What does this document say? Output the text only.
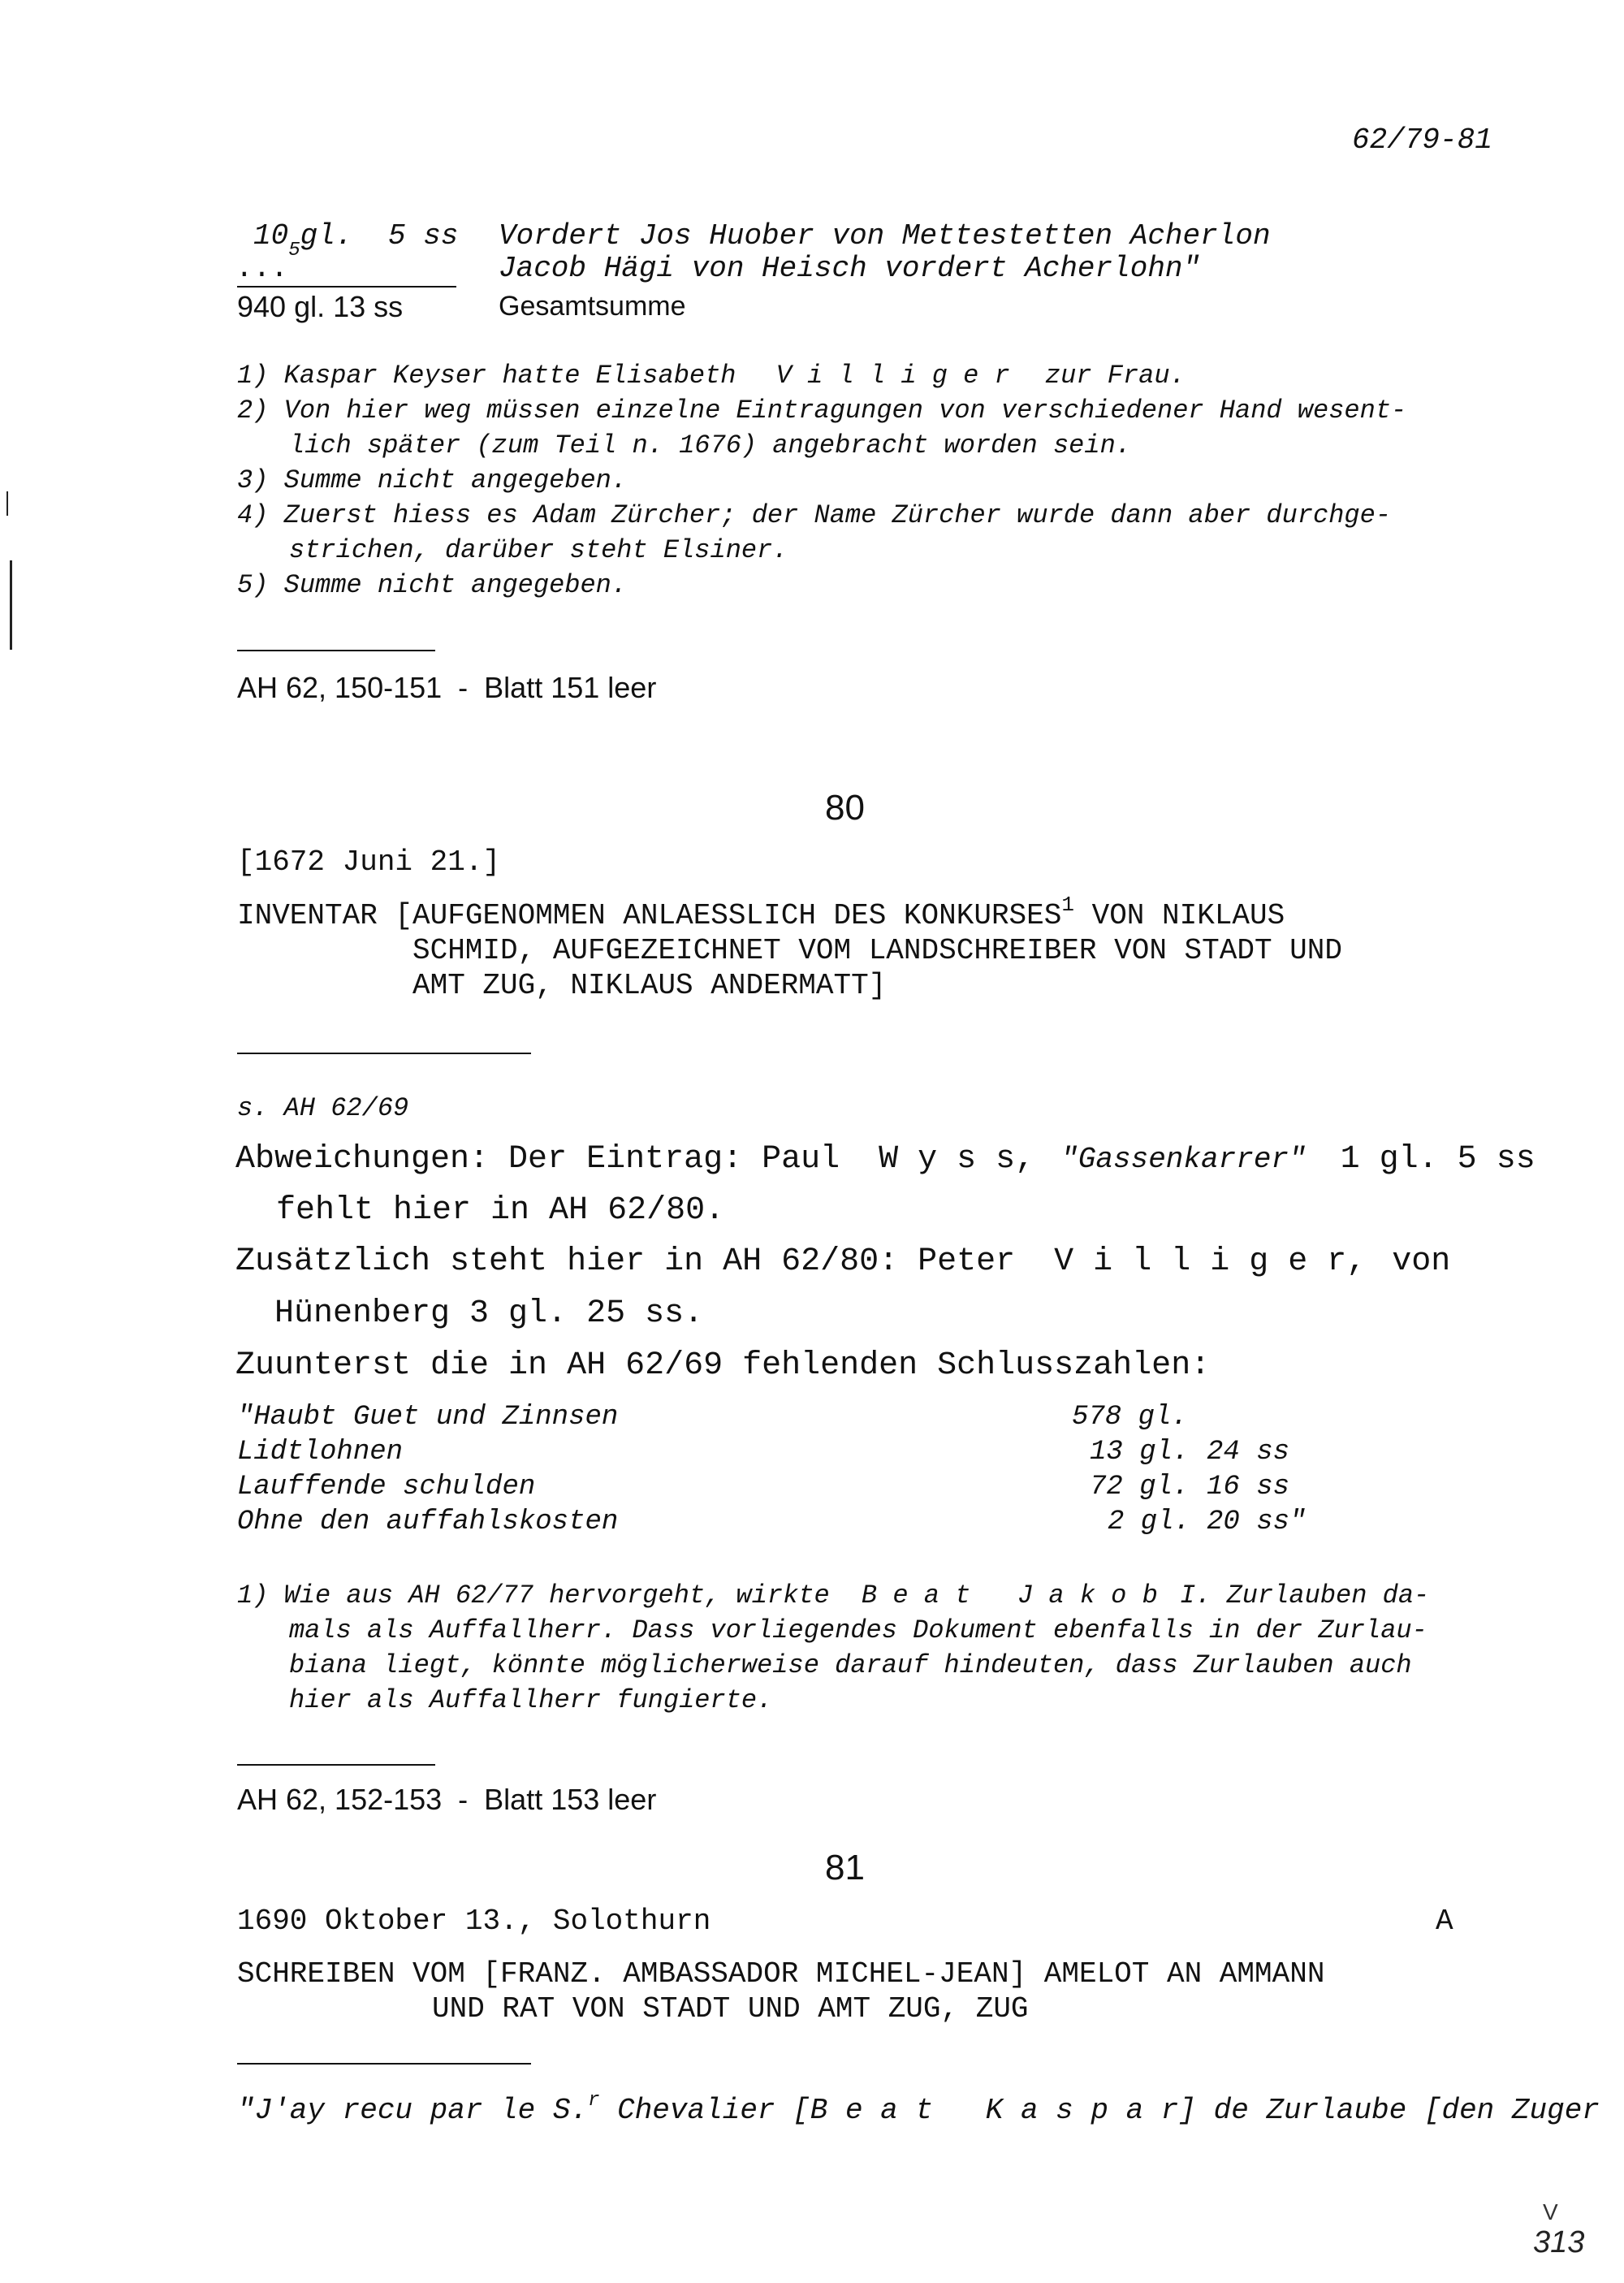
62/79-81
$10_5gl$. 5 ss Vordert Jos Huober von Mettestetten Acherlon
...	Jacob Hägi von Heisch vordert Acherlohn"
940 gl. 13 ss	Gesamtsumme
1) Kaspar Keyser hatte Elisabeth V i l l i g e r zur Frau.
2) Von hier weg müssen einzelne Eintragungen von verschiedener Hand wesent-
lich später (zum Teil n. 1676) angebracht worden sein.
3) Summe nicht angegeben.
4) Zuerst hiess es Adam Zürcher; der Name Zürcher wurde dann aber durchge-
strichen, darüber steht Elsiner.
5) Summe nicht angegeben.
AH 62, 150-151  -  Blatt 151 leer
80
[1672 Juni 21.]
INVENTAR [AUFGENOMMEN ANLAESSLICH DES KONKURSES$^1$ VON NIKLAUS
SCHMID, AUFGEZEICHNET VOM LANDSCHREIBER VON STADT UND
AMT ZUG, NIKLAUS ANDERMATT]
s. AH 62/69
Abweichungen: Der Eintrag: Paul W y s s, "Gassenkarrer" 1 gl. 5 ss
fehlt hier in AH 62/80.
Zusätzlich steht hier in AH 62/80: Peter V i l l i g e r, von
Hünenberg 3 gl. 25 ss.
Zuunterst die in AH 62/69 fehlenden Schlusszahlen:
"Haubt Guet und Zinnsen	578 gl.
Lidtlohnen	13 gl. 24 ss
Lauffende schulden	72 gl. 16 ss
Ohne den auffahlskosten	2 gl. 20 ss"
1) Wie aus AH 62/77 hervorgeht, wirkte B e a t   J a k o b I. Zurlauben da-
mals als Auffallherr. Dass vorliegendes Dokument ebenfalls in der Zurlau-
biana liegt, könnte möglicherweise darauf hindeuten, dass Zurlauben auch
hier als Auffallherr fungierte.
AH 62, 152-153  -  Blatt 153 leer
81
1690 Oktober 13., Solothurn	A
SCHREIBEN VOM [FRANZ. AMBASSADOR MICHEL-JEAN] AMELOT AN AMMANN
UND RAT VON STADT UND AMT ZUG, ZUG
"J'ay recu par le S.$^r$ Chevalier [B e a t   K a s p a r] de Zurlaube [den Zuger
V
313
